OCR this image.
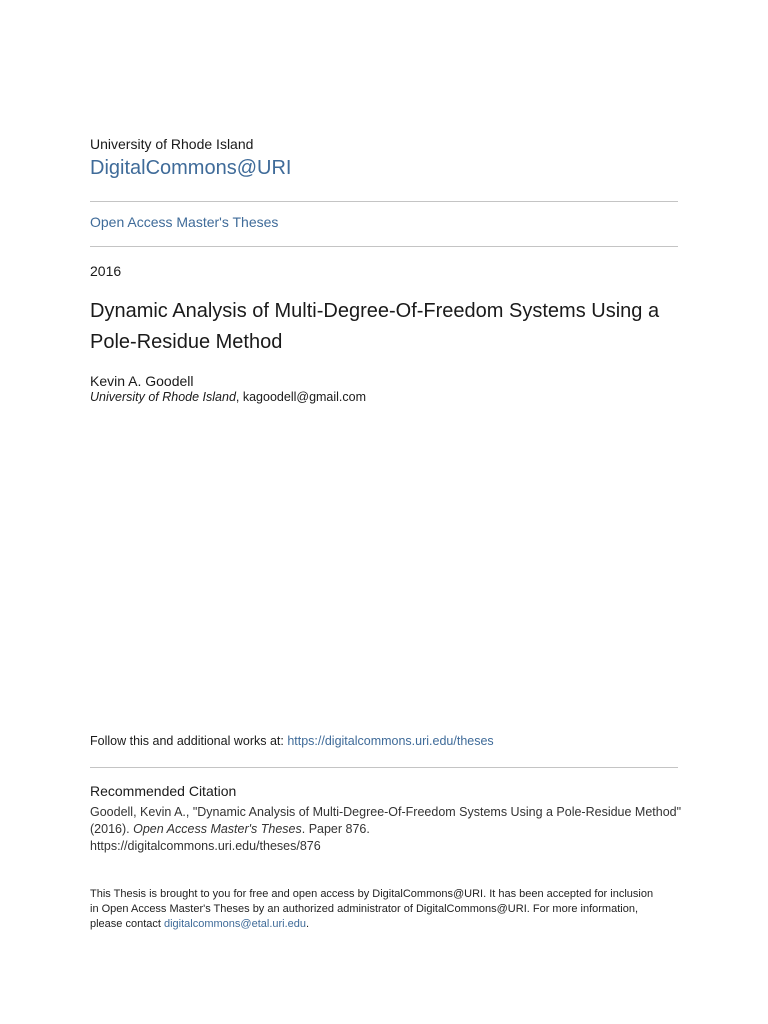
University of Rhode Island
DigitalCommons@URI
Open Access Master's Theses
2016
Dynamic Analysis of Multi-Degree-Of-Freedom Systems Using a Pole-Residue Method
Kevin A. Goodell
University of Rhode Island, kagoodell@gmail.com
Follow this and additional works at: https://digitalcommons.uri.edu/theses
Recommended Citation
Goodell, Kevin A., "Dynamic Analysis of Multi-Degree-Of-Freedom Systems Using a Pole-Residue Method"
(2016). Open Access Master's Theses. Paper 876.
https://digitalcommons.uri.edu/theses/876
This Thesis is brought to you for free and open access by DigitalCommons@URI. It has been accepted for inclusion
in Open Access Master's Theses by an authorized administrator of DigitalCommons@URI. For more information,
please contact digitalcommons@etal.uri.edu.
